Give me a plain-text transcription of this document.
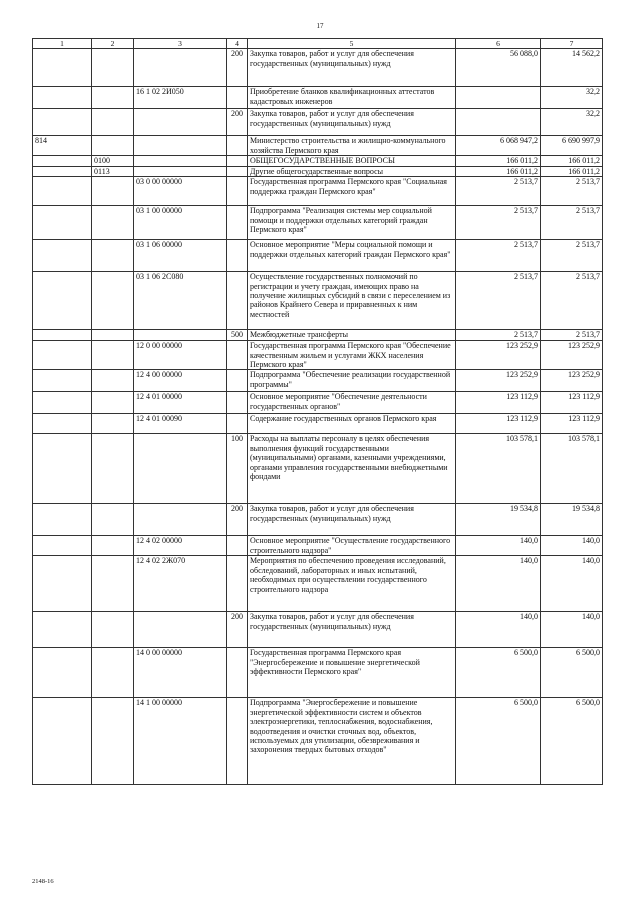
17
1	2	3	4	5	6	7
			200	Закупка товаров, работ и услуг для обеспечения государственных (муниципальных) нужд	56 088,0	14 562,2
		16 1 02 2И050		Приобретение бланков квалификационных аттестатов кадастровых инженеров		32,2
			200	Закупка товаров, работ и услуг для обеспечения государственных (муниципальных) нужд		32,2
814				Министерство строительства и жилищно-коммунального хозяйства Пермского края	6 068 947,2	6 690 997,9
	0100			ОБЩЕГОСУДАРСТВЕННЫЕ ВОПРОСЫ	166 011,2	166 011,2
	0113			Другие общегосударственные вопросы	166 011,2	166 011,2
		03 0 00 00000		Государственная программа Пермского края "Социальная поддержка граждан Пермского края"	2 513,7	2 513,7
		03 1 00 00000		Подпрограмма "Реализация системы мер социальной помощи и поддержки отдельных категорий граждан Пермского края"	2 513,7	2 513,7
		03 1 06 00000		Основное мероприятие "Меры социальной помощи и поддержки отдельных категорий граждан Пермского края"	2 513,7	2 513,7
		03 1 06 2С080		Осуществление государственных полномочий по регистрации и учету граждан, имеющих право на получение жилищных субсидий в связи с переселением из районов Крайнего Севера и приравненных к ним местностей	2 513,7	2 513,7
			500	Межбюджетные трансферты	2 513,7	2 513,7
		12 0 00 00000		Государственная программа Пермского края "Обеспечение качественным жильем и услугами ЖКХ населения Пермского края"	123 252,9	123 252,9
		12 4 00 00000		Подпрограмма "Обеспечение реализации государственной программы"	123 252,9	123 252,9
		12 4 01 00000		Основное мероприятие "Обеспечение деятельности государственных органов"	123 112,9	123 112,9
		12 4 01 00090		Содержание государственных органов Пермского края	123 112,9	123 112,9
			100	Расходы на выплаты персоналу в целях обеспечения выполнения функций государственными (муниципальными) органами, казенными учреждениями, органами управления государственными внебюджетными фондами	103 578,1	103 578,1
			200	Закупка товаров, работ и услуг для обеспечения государственных (муниципальных) нужд	19 534,8	19 534,8
		12 4 02 00000		Основное мероприятие "Осуществление государственного строительного надзора"	140,0	140,0
		12 4 02 2Ж070		Мероприятия по обеспечению проведения исследований, обследований, лабораторных и иных испытаний, необходимых при осуществлении государственного строительного надзора	140,0	140,0
			200	Закупка товаров, работ и услуг для обеспечения государственных (муниципальных) нужд	140,0	140,0
		14 0 00 00000		Государственная программа Пермского края "Энергосбережение и повышение энергетической эффективности Пермского края"	6 500,0	6 500,0
		14 1 00 00000		Подпрограмма "Энергосбережение и повышение энергетической эффективности систем и объектов электроэнергетики, теплоснабжения, водоснабжения, водоотведения и очистки сточных вод, объектов, используемых для утилизации, обезвреживания и захоронения твердых бытовых отходов"	6 500,0	6 500,0
2148-16
